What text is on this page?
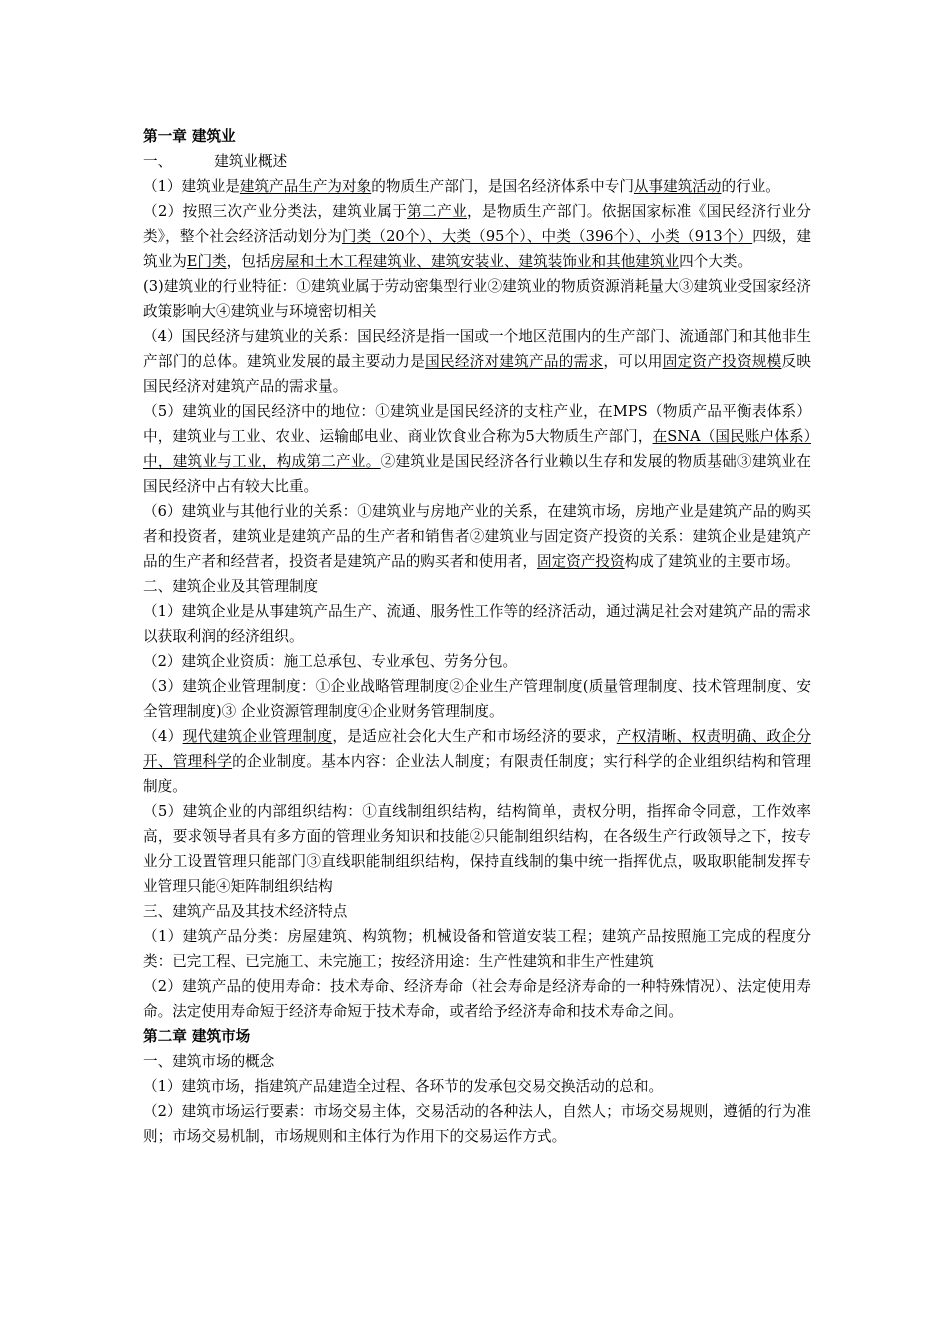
第一章 建筑业

一、	建筑业概述

（1）建筑业是建筑产品生产为对象的物质生产部门，是国名经济体系中专门从事建筑活动的行业。

（2）按照三次产业分类法，建筑业属于第二产业，是物质生产部门。依据国家标准《国民经济行业分类》，整个社会经济活动划分为门类（20个）、大类（95个）、中类（396个）、小类（913个）四级，建筑业为E门类，包括房屋和土木工程建筑业、建筑安装业、建筑装饰业和其他建筑业四个大类。

(3)建筑业的行业特征：①建筑业属于劳动密集型行业②建筑业的物质资源消耗量大③建筑业受国家经济政策影响大④建筑业与环境密切相关

（4）国民经济与建筑业的关系：国民经济是指一国或一个地区范围内的生产部门、流通部门和其他非生产部门的总体。建筑业发展的最主要动力是国民经济对建筑产品的需求，可以用固定资产投资规模反映国民经济对建筑产品的需求量。

（5）建筑业的国民经济中的地位：①建筑业是国民经济的支柱产业，在MPS（物质产品平衡表体系）中，建筑业与工业、农业、运输邮电业、商业饮食业合称为5大物质生产部门，在SNA（国民账户体系）中，建筑业与工业，构成第二产业。②建筑业是国民经济各行业赖以生存和发展的物质基础③建筑业在国民经济中占有较大比重。

（6）建筑业与其他行业的关系：①建筑业与房地产业的关系，在建筑市场，房地产业是建筑产品的购买者和投资者，建筑业是建筑产品的生产者和销售者②建筑业与固定资产投资的关系：建筑企业是建筑产品的生产者和经营者，投资者是建筑产品的购买者和使用者，固定资产投资构成了建筑业的主要市场。

二、建筑企业及其管理制度

（1）建筑企业是从事建筑产品生产、流通、服务性工作等的经济活动，通过满足社会对建筑产品的需求以获取利润的经济组织。

（2）建筑企业资质：施工总承包、专业承包、劳务分包。

（3）建筑企业管理制度：①企业战略管理制度②企业生产管理制度(质量管理制度、技术管理制度、安全管理制度)③ 企业资源管理制度④企业财务管理制度。

（4）现代建筑企业管理制度，是适应社会化大生产和市场经济的要求，产权清晰、权责明确、政企分开、管理科学的企业制度。基本内容：企业法人制度；有限责任制度；实行科学的企业组织结构和管理制度。

（5）建筑企业的内部组织结构：①直线制组织结构，结构简单，责权分明，指挥命令同意，工作效率高，要求领导者具有多方面的管理业务知识和技能②只能制组织结构，在各级生产行政领导之下，按专业分工设置管理只能部门③直线职能制组织结构，保持直线制的集中统一指挥优点，吸取职能制发挥专业管理只能④矩阵制组织结构

三、建筑产品及其技术经济特点

（1）建筑产品分类：房屋建筑、构筑物；机械设备和管道安装工程；建筑产品按照施工完成的程度分类：已完工程、已完施工、未完施工；按经济用途：生产性建筑和非生产性建筑

（2）建筑产品的使用寿命：技术寿命、经济寿命（社会寿命是经济寿命的一种特殊情况）、法定使用寿命。法定使用寿命短于经济寿命短于技术寿命，或者给予经济寿命和技术寿命之间。

第二章 建筑市场

一、建筑市场的概念

（1）建筑市场，指建筑产品建造全过程、各环节的发承包交易交换活动的总和。

（2）建筑市场运行要素：市场交易主体，交易活动的各种法人，自然人；市场交易规则，遵循的行为准则；市场交易机制，市场规则和主体行为作用下的交易运作方式。
